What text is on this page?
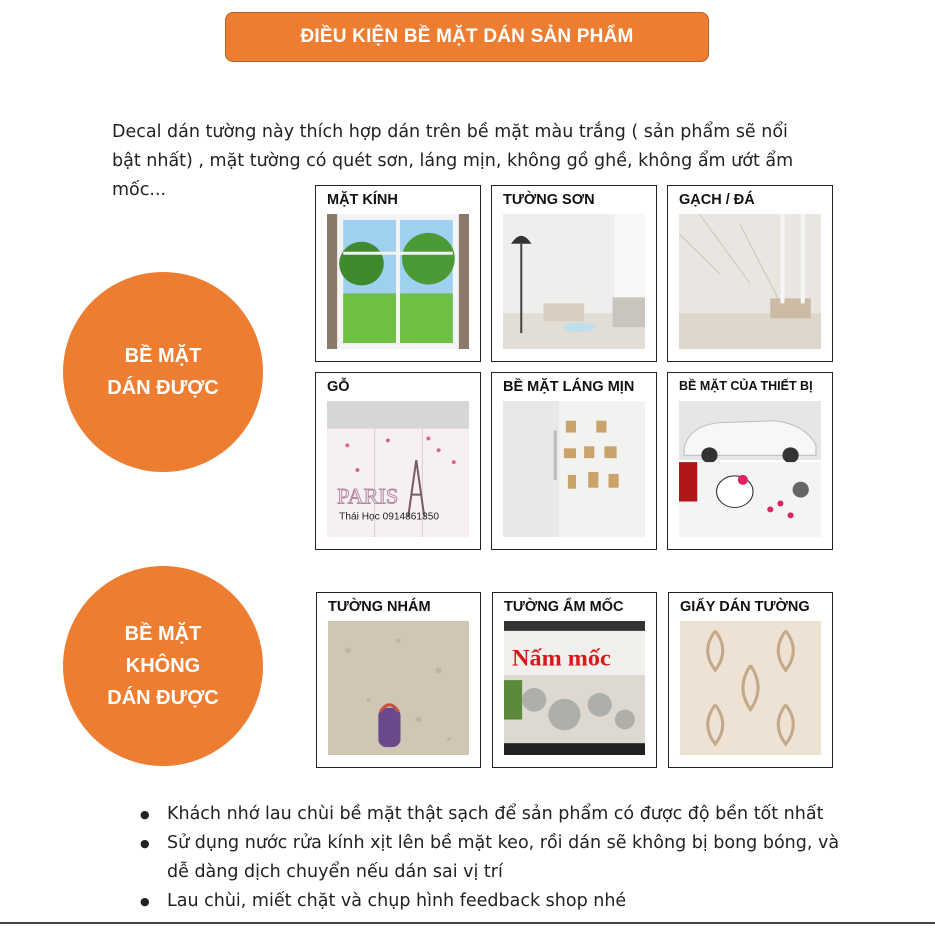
ĐIỀU KIỆN BỀ MẶT DÁN SẢN PHẨM

Decal dán tường này thích hợp dán trên bề mặt màu trắng ( sản phẩm sẽ nổi bật nhất) , mặt tường có quét sơn, láng mịn, không gồ ghề, không ẩm ướt ẩm mốc...

BỀ MẶT
DÁN ĐƯỢC
BỀ MẶT
KHÔNG
DÁN ĐƯỢC
MẶT KÍNH	TƯỜNG SƠN	GẠCH / ĐÁ
GỖ
PARIS
Thái Học 0914861350
BỀ MẶT LÁNG MỊN	BỀ MẶT CỦA THIẾT BỊ
TƯỜNG NHÁM	TƯỜNG ẨM MỐC
Nấm mốc
GIẤY DÁN TƯỜNG
● Khách nhớ lau chùi bề mặt thật sạch để sản phẩm có được độ bền tốt nhất
● Sử dụng nước rửa kính xịt lên bề mặt keo, rồi dán sẽ không bị bong bóng, và dễ dàng dịch chuyển nếu dán sai vị trí
● Lau chùi, miết chặt và chụp hình feedback shop nhé
